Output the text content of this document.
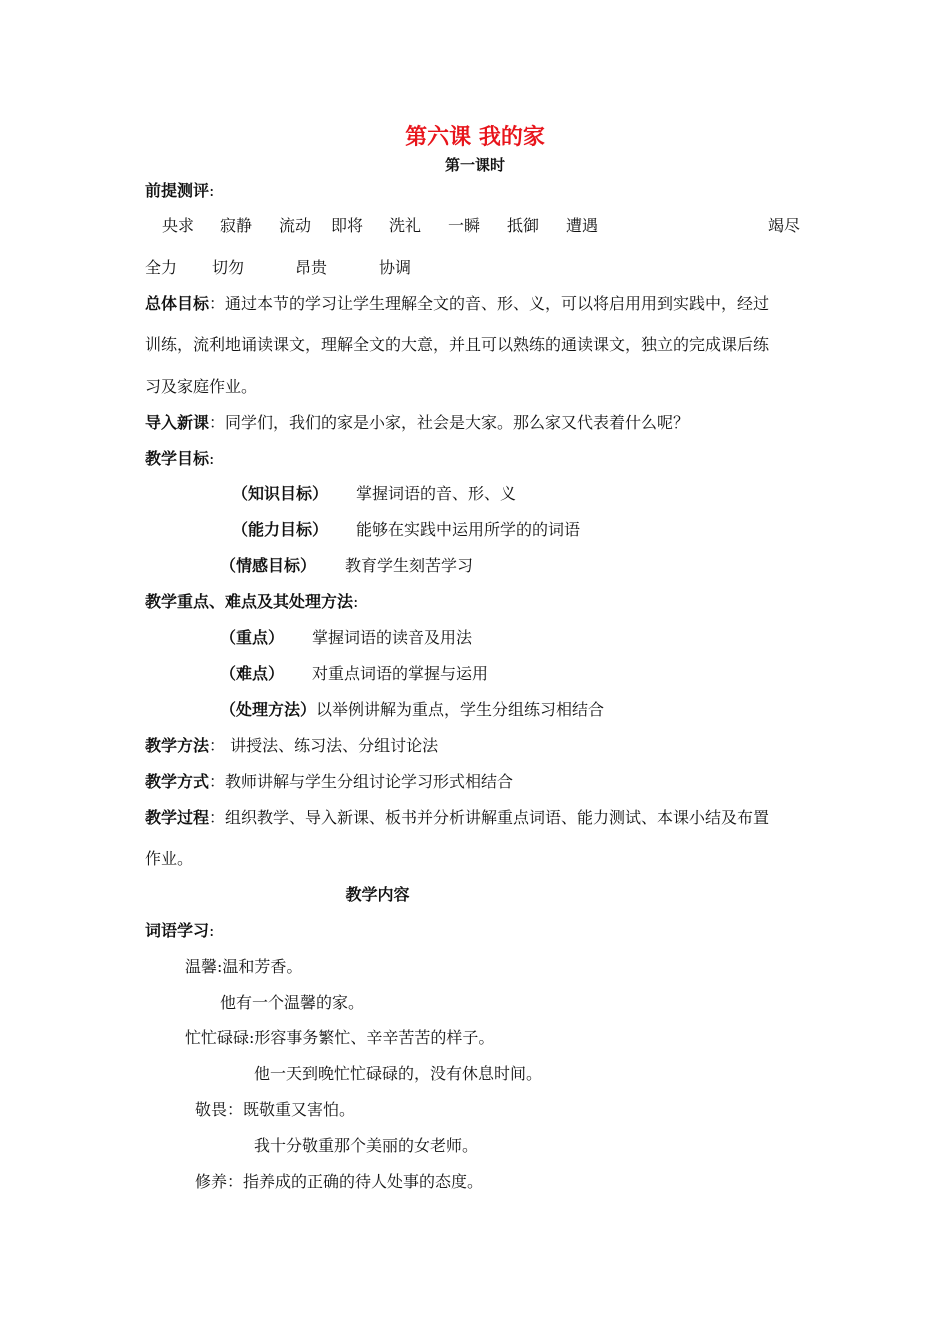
第六课 我的家
第一课时
前提测评:
央求 寂静 流动 即将 洗礼 一瞬 抵御 遭遇	竭尽
全力 切勿	昂贵	协调
总体目标：通过本节的学习让学生理解全文的音、形、义，可以将启用用到实践中，经过
训练，流利地诵读课文，理解全文的大意，并且可以熟练的通读课文，独立的完成课后练
习及家庭作业。
导入新课：同学们，我们的家是小家，社会是大家。那么家又代表着什么呢？
教学目标:
（知识目标） 掌握词语的音、形、义
（能力目标） 能够在实践中运用所学的的词语
（情感目标） 教育学生刻苦学习
教学重点、难点及其处理方法:
（重点） 掌握词语的读音及用法
（难点） 对重点词语的掌握与运用
（处理方法）以举例讲解为重点，学生分组练习相结合
教学方法： 讲授法、练习法、分组讨论法
教学方式：教师讲解与学生分组讨论学习形式相结合
教学过程：组织教学、导入新课、板书并分析讲解重点词语、能力测试、本课小结及布置
作业。
教学内容
词语学习:
温馨:温和芳香。
他有一个温馨的家。
忙忙碌碌:形容事务繁忙、辛辛苦苦的样子。
他一天到晚忙忙碌碌的，没有休息时间。
敬畏：既敬重又害怕。
我十分敬重那个美丽的女老师。
修养：指养成的正确的待人处事的态度。
